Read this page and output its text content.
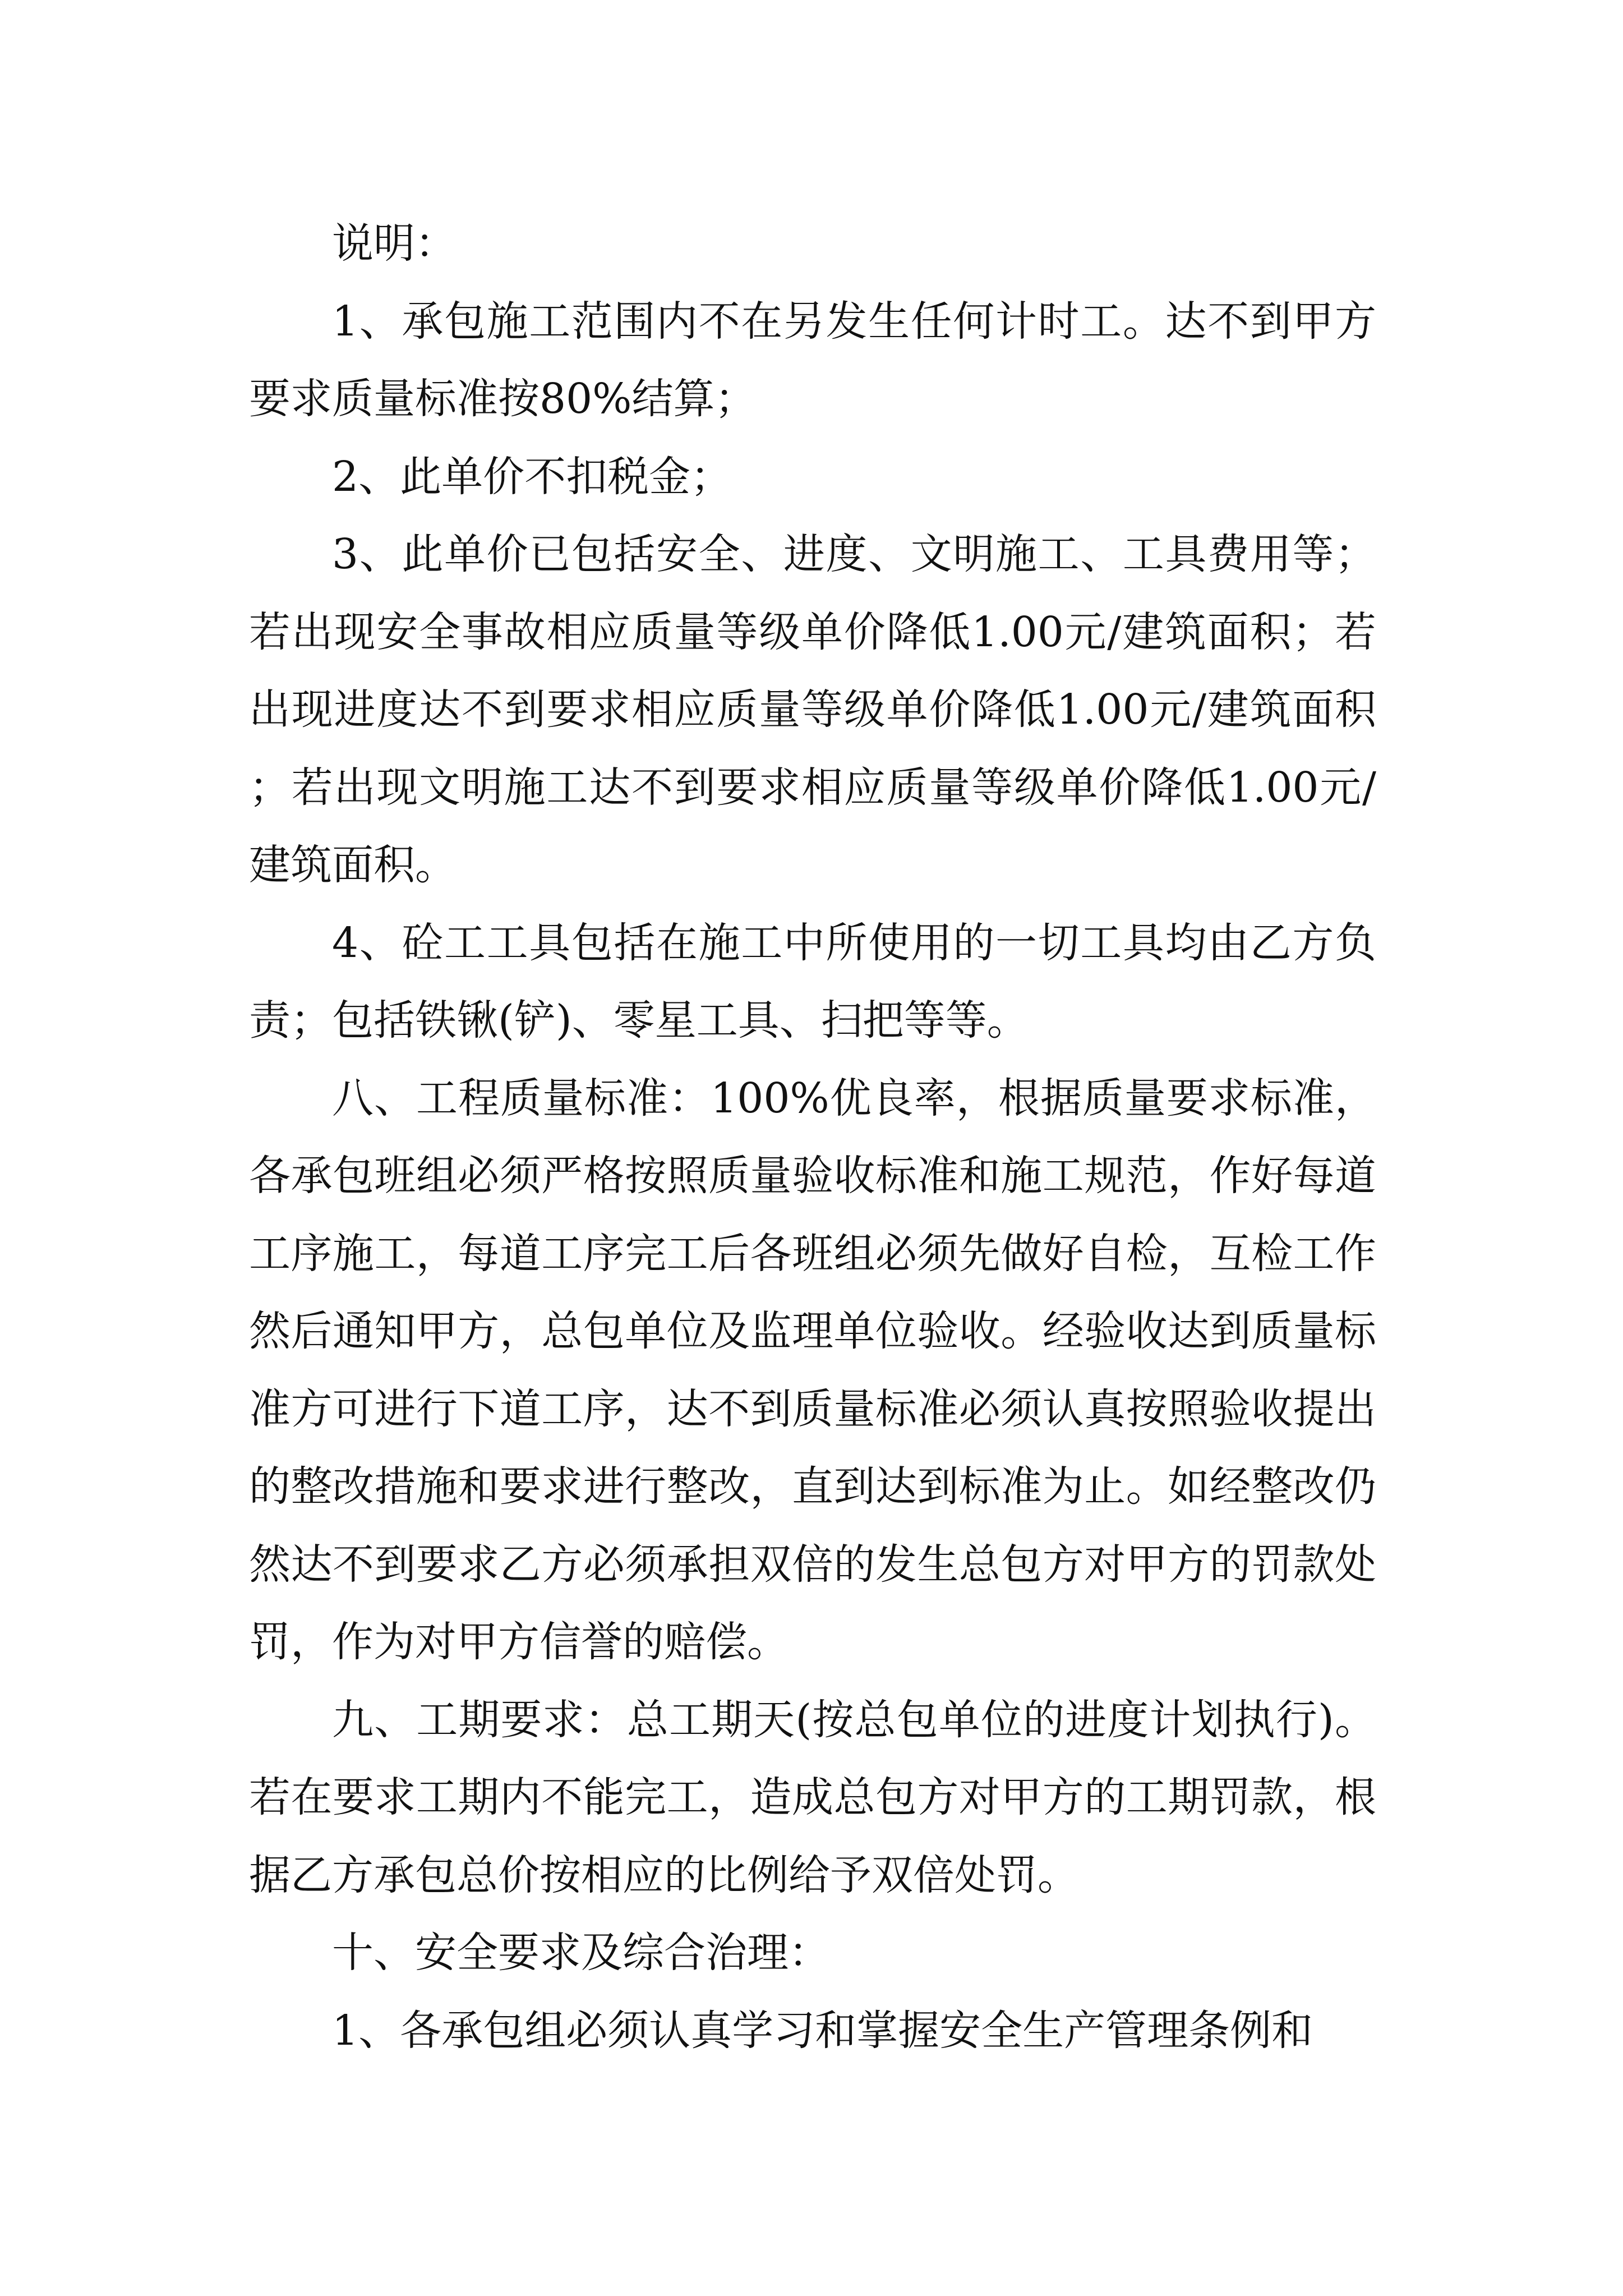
说明：

1、承包施工范围内不在另发生任何计时工。达不到甲方要求质量标准按80%结算；

2、此单价不扣税金；

3、此单价已包括安全、进度、文明施工、工具费用等；若出现安全事故相应质量等级单价降低1.00元/建筑面积；若出现进度达不到要求相应质量等级单价降低1.00元/建筑面积；若出现文明施工达不到要求相应质量等级单价降低1.00元/建筑面积。

4、砼工工具包括在施工中所使用的一切工具均由乙方负责；包括铁锹(铲)、零星工具、扫把等等。

八、工程质量标准：100%优良率，根据质量要求标准，各承包班组必须严格按照质量验收标准和施工规范，作好每道工序施工，每道工序完工后各班组必须先做好自检，互检工作然后通知甲方，总包单位及监理单位验收。经验收达到质量标准方可进行下道工序，达不到质量标准必须认真按照验收提出的整改措施和要求进行整改，直到达到标准为止。如经整改仍然达不到要求乙方必须承担双倍的发生总包方对甲方的罚款处罚，作为对甲方信誉的赔偿。

九、工期要求：总工期天(按总包单位的进度计划执行)。若在要求工期内不能完工，造成总包方对甲方的工期罚款，根据乙方承包总价按相应的比例给予双倍处罚。

十、安全要求及综合治理：

1、各承包组必须认真学习和掌握安全生产管理条例和
